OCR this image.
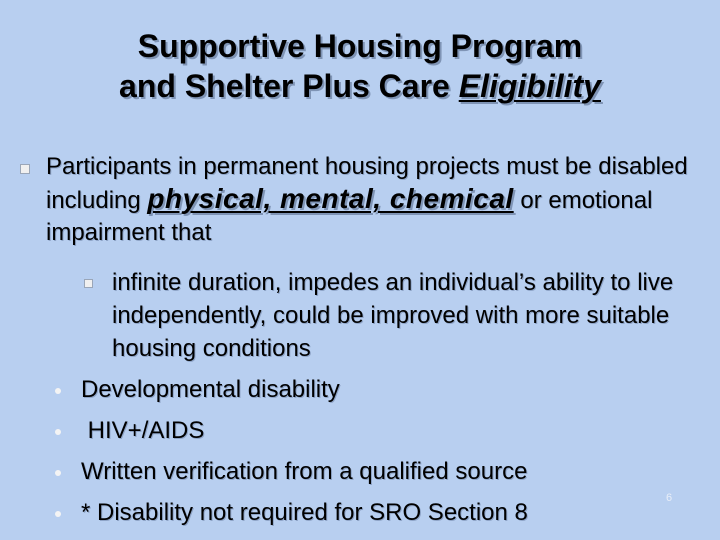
Supportive Housing Program
and Shelter Plus Care Eligibility
Participants in permanent housing projects must be disabled including physical, mental, chemical or emotional impairment that
infinite duration, impedes an individual’s ability to live independently, could be improved with more suitable housing conditions
Developmental disability
HIV+/AIDS
Written verification from a qualified source
* Disability not required for SRO Section 8
6
